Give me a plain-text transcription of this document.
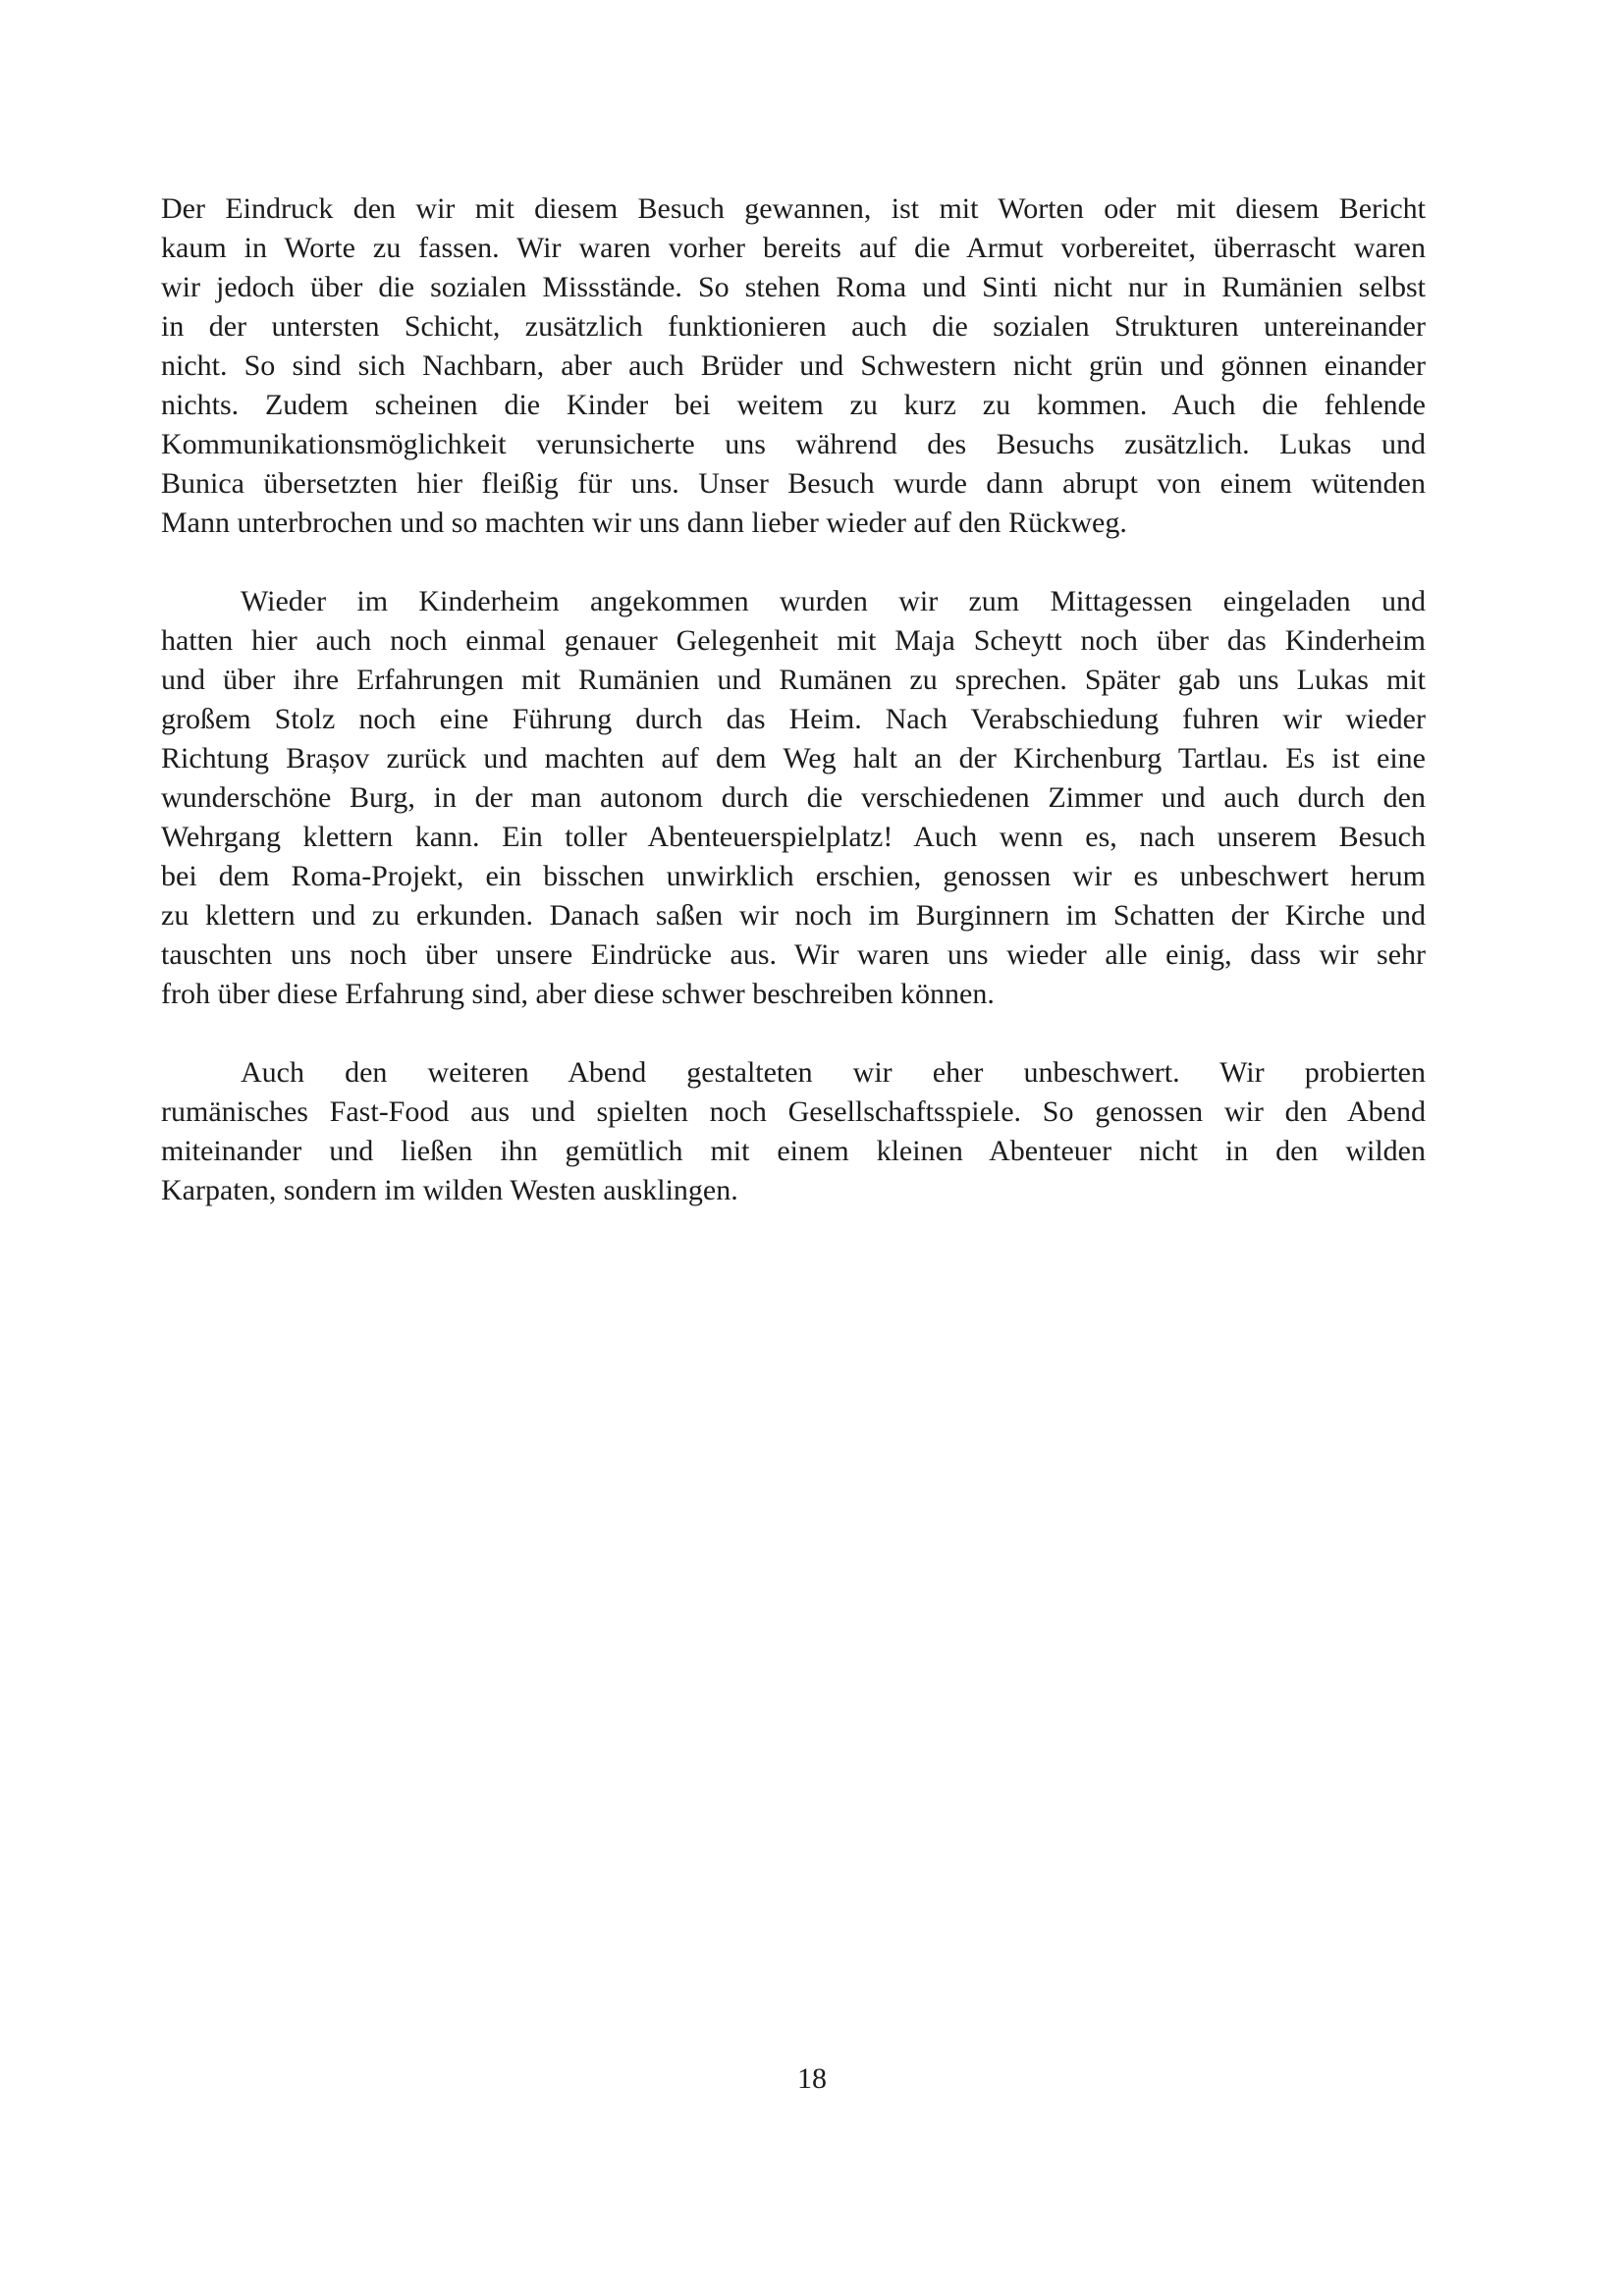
Der Eindruck den wir mit diesem Besuch gewannen, ist mit Worten oder mit diesem Bericht
kaum in Worte zu fassen. Wir waren vorher bereits auf die Armut vorbereitet, überrascht waren
wir jedoch über die sozialen Missstände. So stehen Roma und Sinti nicht nur in Rumänien selbst
in der untersten Schicht, zusätzlich funktionieren auch die sozialen Strukturen untereinander
nicht. So sind sich Nachbarn, aber auch Brüder und Schwestern nicht grün und gönnen einander
nichts. Zudem scheinen die Kinder bei weitem zu kurz zu kommen. Auch die fehlende
Kommunikationsmöglichkeit verunsicherte uns während des Besuchs zusätzlich. Lukas und
Bunica übersetzten hier fleißig für uns. Unser Besuch wurde dann abrupt von einem wütenden
Mann unterbrochen und so machten wir uns dann lieber wieder auf den Rückweg.
Wieder im Kinderheim angekommen wurden wir zum Mittagessen eingeladen und
hatten hier auch noch einmal genauer Gelegenheit mit Maja Scheytt noch über das Kinderheim
und über ihre Erfahrungen mit Rumänien und Rumänen zu sprechen. Später gab uns Lukas mit
großem Stolz noch eine Führung durch das Heim. Nach Verabschiedung fuhren wir wieder
Richtung Brașov zurück und machten auf dem Weg halt an der Kirchenburg Tartlau. Es ist eine
wunderschöne Burg, in der man autonom durch die verschiedenen Zimmer und auch durch den
Wehrgang klettern kann. Ein toller Abenteuerspielplatz! Auch wenn es, nach unserem Besuch
bei dem Roma-Projekt, ein bisschen unwirklich erschien, genossen wir es unbeschwert herum
zu klettern und zu erkunden. Danach saßen wir noch im Burginnern im Schatten der Kirche und
tauschten uns noch über unsere Eindrücke aus. Wir waren uns wieder alle einig, dass wir sehr
froh über diese Erfahrung sind, aber diese schwer beschreiben können.
Auch den weiteren Abend gestalteten wir eher unbeschwert. Wir probierten
rumänisches Fast-Food aus und spielten noch Gesellschaftsspiele. So genossen wir den Abend
miteinander und ließen ihn gemütlich mit einem kleinen Abenteuer nicht in den wilden
Karpaten, sondern im wilden Westen ausklingen.
18
